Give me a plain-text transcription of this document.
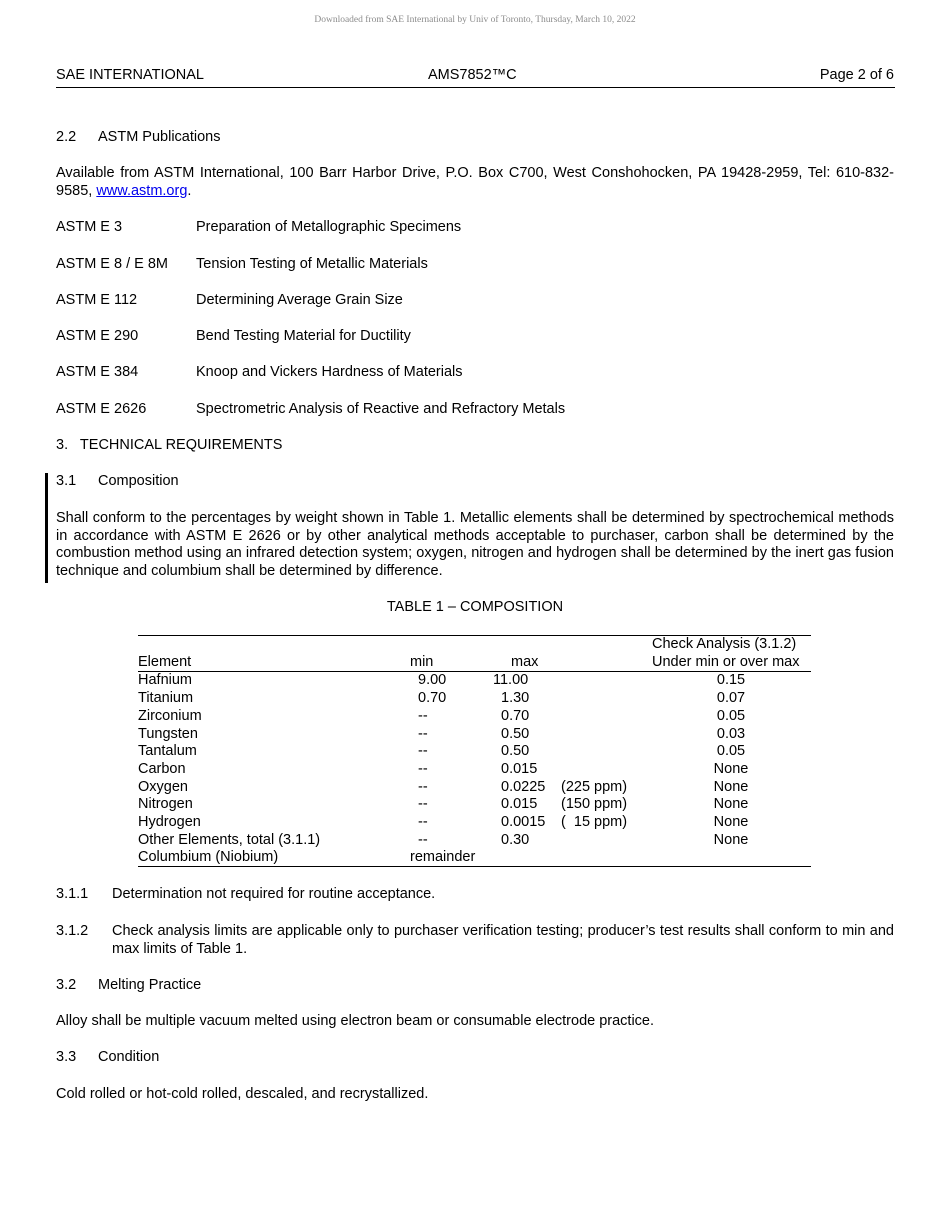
Downloaded from SAE International by Univ of Toronto, Thursday, March 10, 2022
SAE INTERNATIONAL	AMS7852™C	Page 2 of 6
2.2 ASTM Publications
Available from ASTM International, 100 Barr Harbor Drive, P.O. Box C700, West Conshohocken, PA 19428-2959, Tel: 610-832-9585, www.astm.org.
ASTM E 3	Preparation of Metallographic Specimens
ASTM E 8 / E 8M Tension Testing of Metallic Materials
ASTM E 112	Determining Average Grain Size
ASTM E 290	Bend Testing Material for Ductility
ASTM E 384	Knoop and Vickers Hardness of Materials
ASTM E 2626	Spectrometric Analysis of Reactive and Refractory Metals
3.   TECHNICAL REQUIREMENTS
3.1 Composition
Shall conform to the percentages by weight shown in Table 1. Metallic elements shall be determined by spectrochemical methods in accordance with ASTM E 2626 or by other analytical methods acceptable to purchaser, carbon shall be determined by the combustion method using an infrared detection system; oxygen, nitrogen and hydrogen shall be determined by the inert gas fusion technique and columbium shall be determined by difference.
TABLE 1 – COMPOSITION
Check Analysis (3.1.2)
Element	min	max	Under min or over max
Hafnium	9.00	11.00	0.15
Titanium	0.70	1.30	0.07
Zirconium	--	0.70	0.05
Tungsten	--	0.50	0.03
Tantalum	--	0.50	0.05
Carbon	--	0.015	None
Oxygen	--	0.0225 (225 ppm)	None
Nitrogen	--	0.015 (150 ppm)	None
Hydrogen	--	0.0015 (  15 ppm)	None
Other Elements, total (3.1.1)	--	0.30	None
Columbium (Niobium)	remainder
3.1.1 Determination not required for routine acceptance.
3.1.2 Check analysis limits are applicable only to purchaser verification testing; producer’s test results shall conform to min and max limits of Table 1.
3.2 Melting Practice
Alloy shall be multiple vacuum melted using electron beam or consumable electrode practice.
3.3 Condition
Cold rolled or hot-cold rolled, descaled, and recrystallized.
